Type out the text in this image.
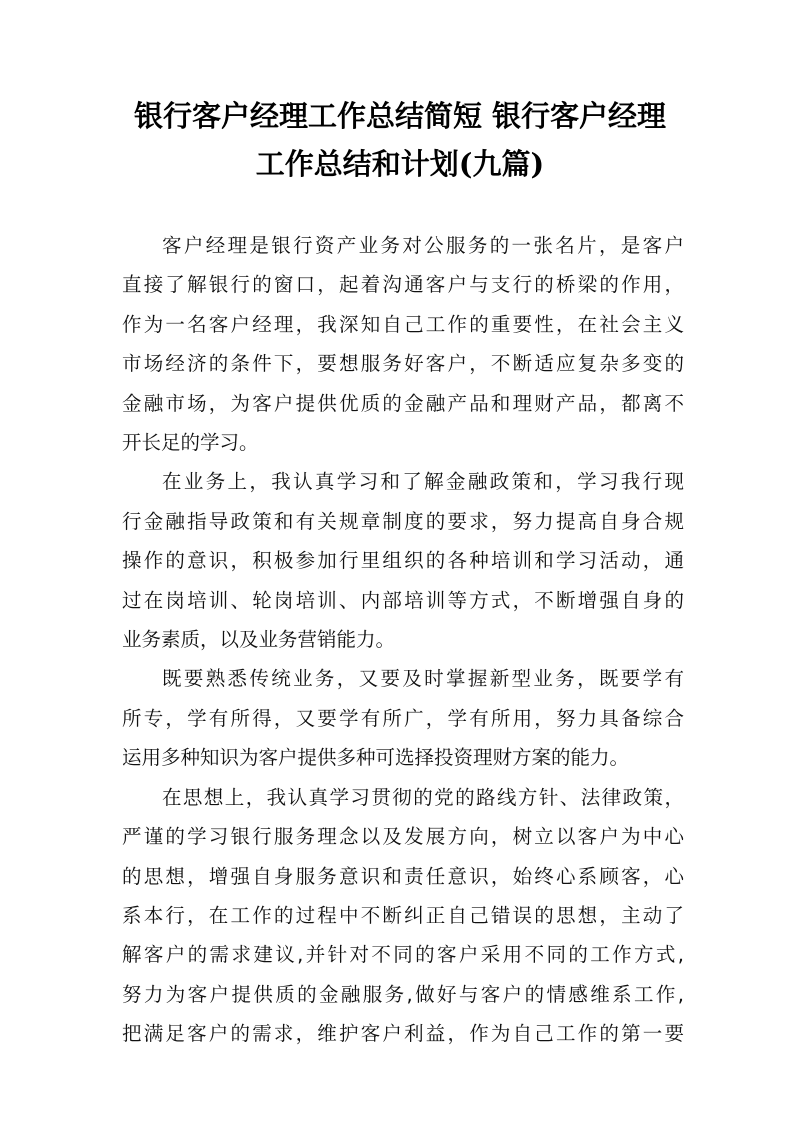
银行客户经理工作总结简短 银行客户经理
工作总结和计划(九篇)

客户经理是银行资产业务对公服务的一张名片，是客户
直接了解银行的窗口，起着沟通客户与支行的桥梁的作用，
作为一名客户经理，我深知自己工作的重要性，在社会主义
市场经济的条件下，要想服务好客户，不断适应复杂多变的
金融市场，为客户提供优质的金融产品和理财产品，都离不
开长足的学习。

在业务上，我认真学习和了解金融政策和，学习我行现
行金融指导政策和有关规章制度的要求，努力提高自身合规
操作的意识，积极参加行里组织的各种培训和学习活动，通
过在岗培训、轮岗培训、内部培训等方式，不断增强自身的
业务素质，以及业务营销能力。

既要熟悉传统业务，又要及时掌握新型业务，既要学有
所专，学有所得，又要学有所广，学有所用，努力具备综合
运用多种知识为客户提供多种可选择投资理财方案的能力。

在思想上，我认真学习贯彻的党的路线方针、法律政策，
严谨的学习银行服务理念以及发展方向，树立以客户为中心
的思想，增强自身服务意识和责任意识，始终心系顾客，心
系本行，在工作的过程中不断纠正自己错误的思想，主动了
解客户的需求建议,并针对不同的客户采用不同的工作方式,
努力为客户提供质的金融服务,做好与客户的情感维系工作,
把满足客户的需求，维护客户利益，作为自己工作的第一要
